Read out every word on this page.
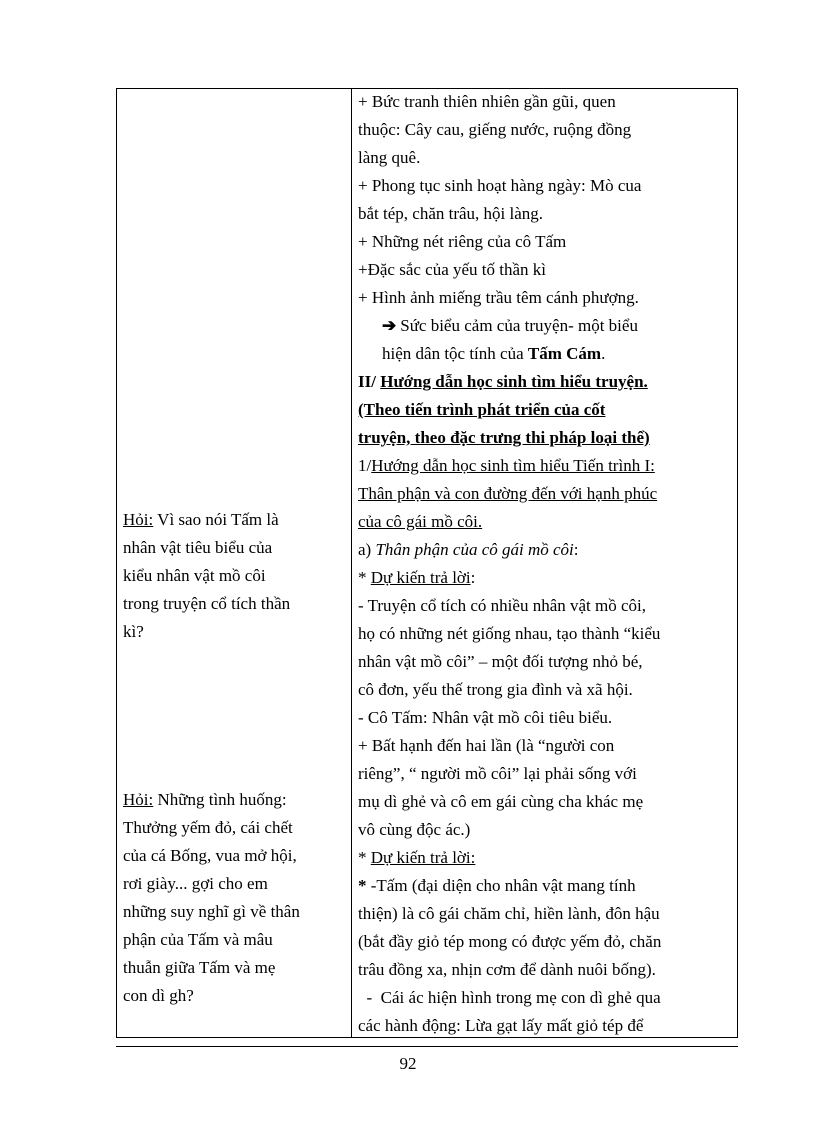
Hỏi: Vì sao nói Tấm là
nhân vật tiêu biểu của
kiểu nhân vật mồ côi
trong truyện cổ tích thần
kì?
Hỏi: Những tình huống:
Thưởng yếm đỏ, cái chết
của cá Bống, vua mở hội,
rơi giày... gợi cho em
những suy nghĩ gì về thân
phận của Tấm và mâu
thuẫn giữa Tấm và mẹ
con dì gh?
+ Bức tranh thiên nhiên gần gũi, quen
thuộc: Cây cau, giếng nước, ruộng đồng
làng quê.
+ Phong tục sinh hoạt hàng ngày: Mò cua
bắt tép, chăn trâu, hội làng.
+ Những nét riêng của cô Tấm
+Đặc sắc của yếu tố thần kì
+ Hình ảnh miếng trầu têm cánh phượng.
➔ Sức biểu cảm của truyện- một biểu
hiện dân tộc tính của Tấm Cám.
II/ Hướng dẫn học sinh tìm hiểu truyện.
(Theo tiến trình phát triển của cốt
truyện, theo đặc trưng thi pháp loại thể)
1/Hướng dẫn học sinh tìm hiểu Tiến trình I:
Thân phận và con đường đến với hạnh phúc
của cô gái mồ côi.
a) Thân phận của cô gái mồ côi:
* Dự kiến trả lời:
- Truyện cổ tích có nhiều nhân vật mồ côi,
họ có những nét giống nhau, tạo thành “kiểu
nhân vật mồ côi” – một đối tượng nhỏ bé,
cô đơn, yếu thế trong gia đình và xã hội.
- Cô Tấm: Nhân vật mồ côi tiêu biểu.
+ Bất hạnh đến hai lần (là “người con
riêng”, “ người mồ côi” lại phải sống với
mụ dì ghẻ và cô em gái cùng cha khác mẹ
vô cùng độc ác.)
* Dự kiến trả lời:
* -Tấm (đại diện cho nhân vật mang tính
thiện) là cô gái chăm chỉ, hiền lành, đôn hậu
(bắt đầy giỏ tép mong có được yếm đỏ, chăn
trâu đồng xa, nhịn cơm để dành nuôi bống).
-  Cái ác hiện hình trong mẹ con dì ghẻ qua
các hành động: Lừa gạt lấy mất giỏ tép để
92
